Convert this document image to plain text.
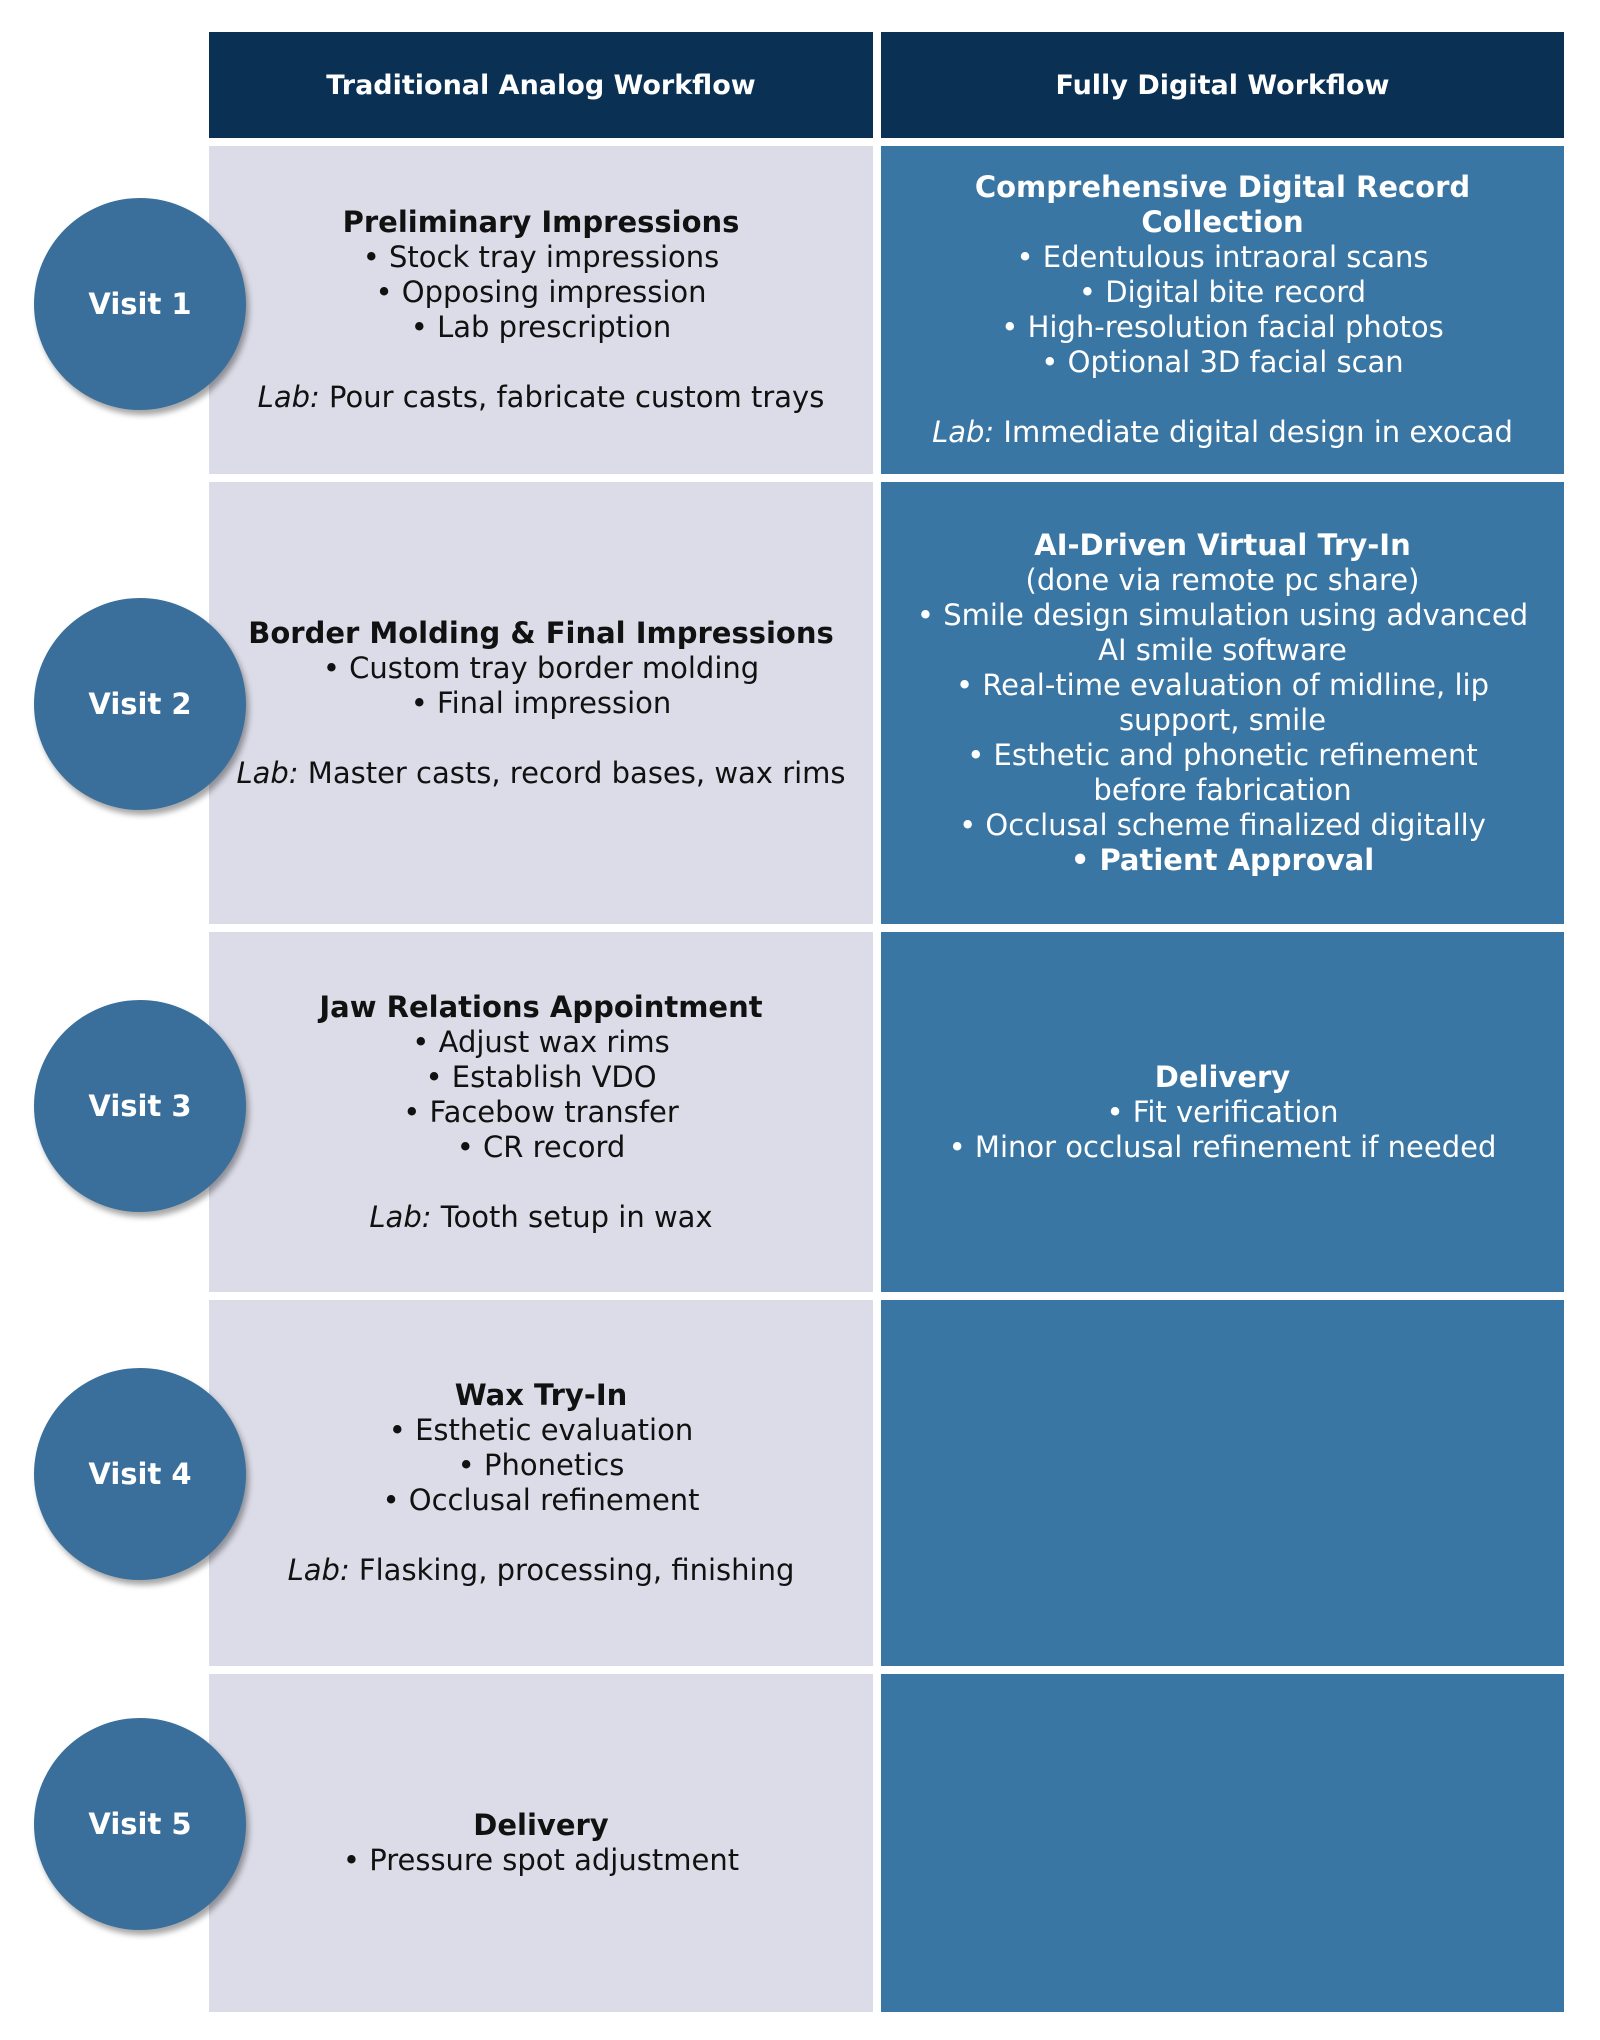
Traditional Analog Workflow	Fully Digital Workflow
Preliminary Impressions
• Stock tray impressions
• Opposing impression
• Lab prescription
Lab: Pour casts, fabricate custom trays
Border Molding & Final Impressions
• Custom tray border molding
• Final impression
Lab: Master casts, record bases, wax rims
Jaw Relations Appointment
• Adjust wax rims
• Establish VDO
• Facebow transfer
• CR record
Lab: Tooth setup in wax
Wax Try-In
• Esthetic evaluation
• Phonetics
• Occlusal refinement
Lab: Flasking, processing, finishing
Delivery
• Pressure spot adjustment
Comprehensive Digital Record Collection
• Edentulous intraoral scans
• Digital bite record
• High-resolution facial photos
• Optional 3D facial scan
Lab: Immediate digital design in exocad
AI-Driven Virtual Try-In
(done via remote pc share)
• Smile design simulation using advanced AI smile software
• Real-time evaluation of midline, lip support, smile
• Esthetic and phonetic refinement before fabrication
• Occlusal scheme finalized digitally
• Patient Approval
Delivery
• Fit verification
• Minor occlusal refinement if needed
Visit 1
Visit 2
Visit 3
Visit 4
Visit 5
